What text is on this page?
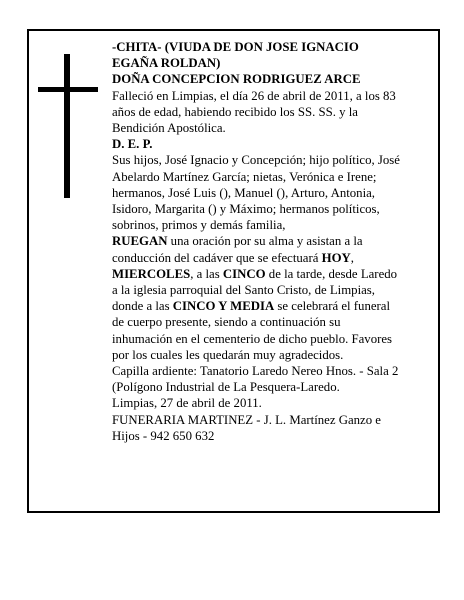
-CHITA- (VIUDA DE DON JOSE IGNACIO EGAÑA ROLDAN)

DOÑA CONCEPCION RODRIGUEZ ARCE

Falleció en Limpias, el día 26 de abril de 2011, a los 83 años de edad, habiendo recibido los SS. SS. y la Bendición Apostólica.

D. E. P.

Sus hijos, José Ignacio y Concepción; hijo político, José Abelardo Martínez García; nietas, Verónica e Irene; hermanos, José Luis (), Manuel (), Arturo, Antonia, Isidoro, Margarita () y Máximo; hermanos políticos, sobrinos, primos y demás familia,

RUEGAN una oración por su alma y asistan a la conducción del cadáver que se efectuará HOY, MIERCOLES, a las CINCO de la tarde, desde Laredo a la iglesia parroquial del Santo Cristo, de Limpias, donde a las CINCO Y MEDIA se celebrará el funeral de cuerpo presente, siendo a continuación su inhumación en el cementerio de dicho pueblo. Favores por los cuales les quedarán muy agradecidos.

Capilla ardiente: Tanatorio Laredo Nereo Hnos. - Sala 2 (Polígono Industrial de La Pesquera-Laredo.

Limpias, 27 de abril de 2011.

FUNERARIA MARTINEZ - J. L. Martínez Ganzo e Hijos - 942 650 632
